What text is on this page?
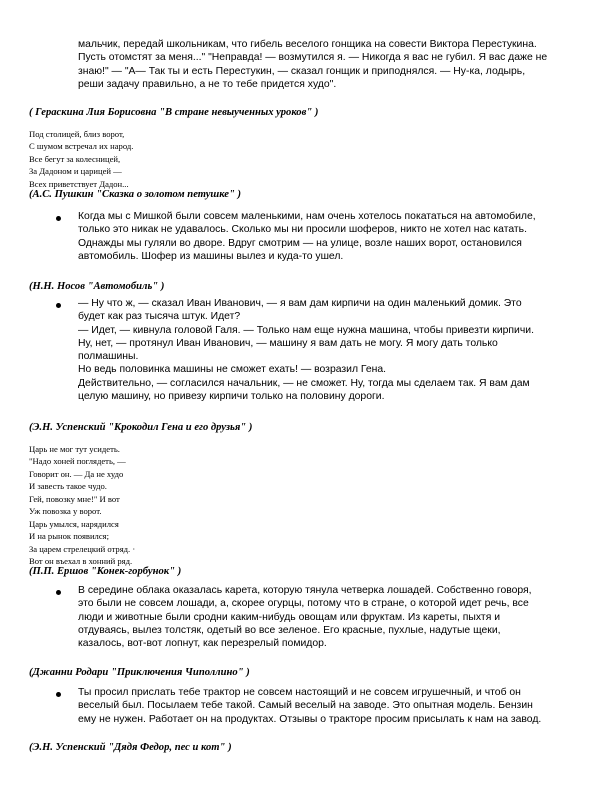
мальчик, передай школьникам, что гибель веселого гонщика на совести Виктора Перестукина.
Пусть отомстят за меня..." "Неправда! — возмутился я. — Никогда я вас не губил. Я вас даже не
знаю!" — "А— Так ты и есть Перестукин, — сказал гонщик и приподнялся. — Ну-ка, лодырь,
реши задачу правильно, а не то тебе придется худо".
( Гераскина Лия Борисовна "В стране невыученных уроков" )
Под столицей, близ ворот,
С шумом встречал их народ.
Все бегут за колесницей,
За Дадоном и царицей —
Всех приветствует Дадон...
(А.С. Пушкин "Сказка о золотом петушке" )
Когда мы с Мишкой были совсем маленькими, нам очень хотелось покататься на автомобиле,
только это никак не удавалось. Сколько мы ни просили шоферов, никто не хотел нас катать.
Однажды мы гуляли во дворе. Вдруг смотрим — на улице, возле наших ворот, остановился
автомобиль. Шофер из машины вылез и куда-то ушел.
(Н.Н. Носов "Автомобиль" )
— Ну что ж, — сказал Иван Иванович, — я вам дам кирпичи на один маленький домик. Это
будет как раз тысяча штук. Идет?
— Идет, — кивнула головой Галя. — Только нам еще нужна машина, чтобы привезти кирпичи.
Ну, нет, — протянул Иван Иванович, — машину я вам дать не могу. Я могу дать только
полмашины.
Но ведь половинка машины не сможет ехать! — возразил Гена.
Действительно, — согласился начальник, — не сможет. Ну, тогда мы сделаем так. Я вам дам
целую машину, но привезу кирпичи только на половину дороги.
(Э.Н. Успенский "Крокодил Гена и его друзья" )
Царь не мог тут усидеть.
"Надо хоней поглядеть, —
Говорит он. — Да не худо
И завесть такое чудо.
Гей, повозку мне!" И вот
Уж повозка у ворот.
Царь умылся, нарядился
И на рынок появился;
За царем стрелецкий отряд. ·
Вот он въехал в хонний ряд.
(П.П. Ершов "Конек-горбунок" )
В середине облака оказалась карета, которую тянула четверка лошадей. Собственно говоря,
это были не совсем лошади, а, скорее огурцы, потому что в стране, о которой идет речь, все
люди и животные были сродни каким-нибудь овощам или фруктам. Из кареты, пыхтя и
отдуваясь, вылез толстяк, одетый во все зеленое. Его красные, пухлые, надутые щеки,
казалось, вот-вот лопнут, как перезрелый помидор.
(Джанни Родари "Приключения Чиполлино" )
Ты просил прислать тебе трактор не совсем настоящий и не совсем игрушечный, и чтоб он
веселый был. Посылаем тебе такой. Самый веселый на заводе. Это опытная модель. Бензин
ему не нужен. Работает он на продуктах. Отзывы о тракторе просим присылать к нам на завод.
(Э.Н. Успенский "Дядя Федор, пес и кот" )
